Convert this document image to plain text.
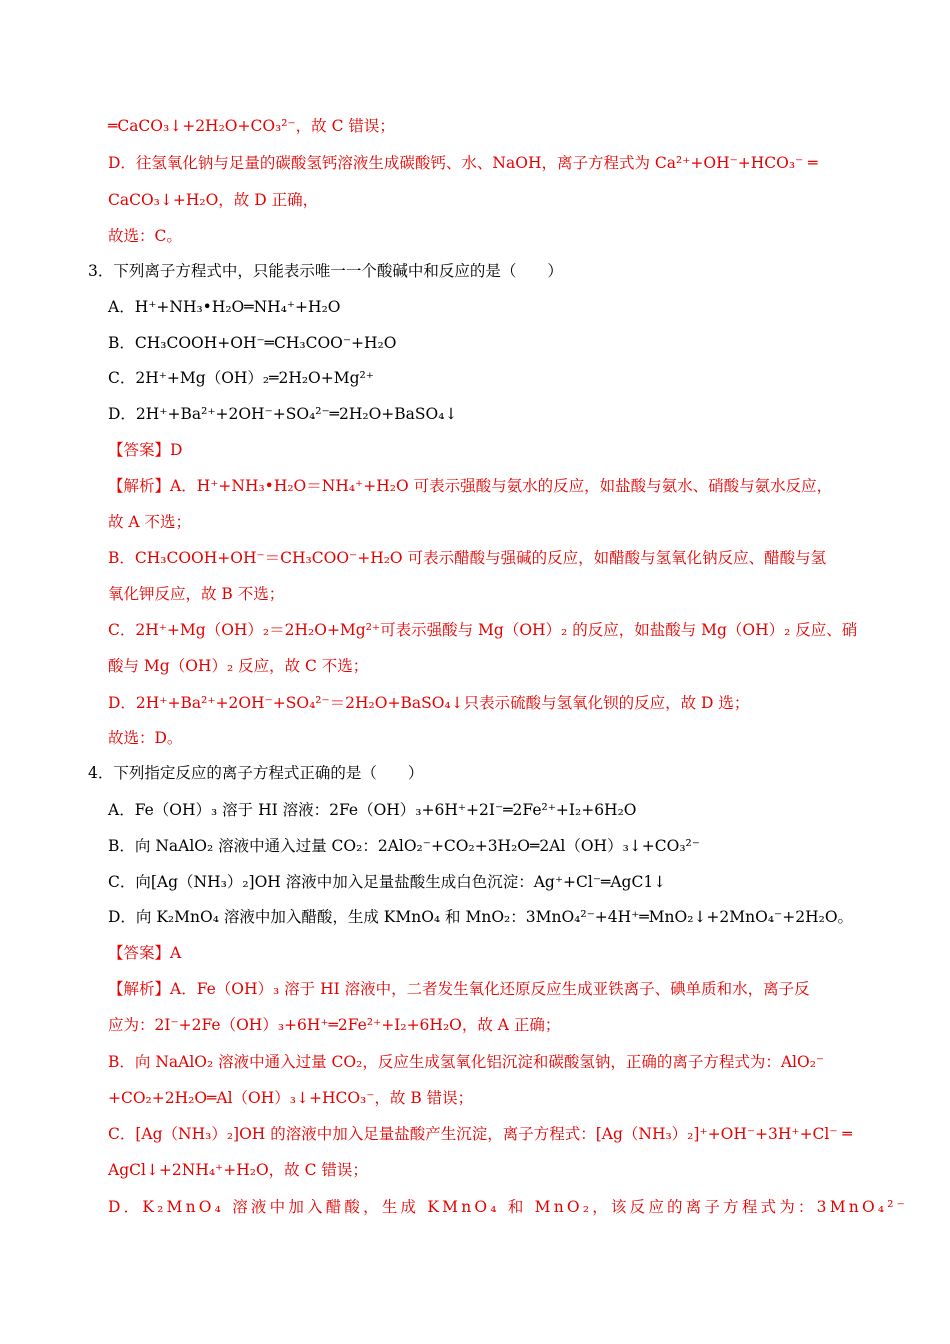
═CaCO₃↓+2H₂O+CO₃²⁻，故 C 错误；
D．往氢氧化钠与足量的碳酸氢钙溶液生成碳酸钙、水、NaOH，离子方程式为 Ca²⁺+OH⁻+HCO₃⁻ ═
CaCO₃↓+H₂O，故 D 正确，
故选：C。
3．下列离子方程式中，只能表示唯一一个酸碱中和反应的是（　　）
A．H⁺+NH₃•H₂O═NH₄⁺+H₂O
B．CH₃COOH+OH⁻═CH₃COO⁻+H₂O
C．2H⁺+Mg（OH）₂═2H₂O+Mg²⁺
D．2H⁺+Ba²⁺+2OH⁻+SO₄²⁻═2H₂O+BaSO₄↓
【答案】D
【解析】A．H⁺+NH₃•H₂O＝NH₄⁺+H₂O 可表示强酸与氨水的反应，如盐酸与氨水、硝酸与氨水反应，
故 A 不选；
B．CH₃COOH+OH⁻＝CH₃COO⁻+H₂O 可表示醋酸与强碱的反应，如醋酸与氢氧化钠反应、醋酸与氢
氧化钾反应，故 B 不选；
C．2H⁺+Mg（OH）₂＝2H₂O+Mg²⁺可表示强酸与 Mg（OH）₂ 的反应，如盐酸与 Mg（OH）₂ 反应、硝
酸与 Mg（OH）₂ 反应，故 C 不选；
D．2H⁺+Ba²⁺+2OH⁻+SO₄²⁻＝2H₂O+BaSO₄↓只表示硫酸与氢氧化钡的反应，故 D 选；
故选：D。
4．下列指定反应的离子方程式正确的是（　　）
A．Fe（OH）₃ 溶于 HI 溶液：2Fe（OH）₃+6H⁺+2I⁻═2Fe²⁺+I₂+6H₂O
B．向 NaAlO₂ 溶液中通入过量 CO₂：2AlO₂⁻+CO₂+3H₂O═2Al（OH）₃↓+CO₃²⁻
C．向[Ag（NH₃）₂]OH 溶液中加入足量盐酸生成白色沉淀：Ag⁺+Cl⁻═AgC1↓
D．向 K₂MnO₄ 溶液中加入醋酸，生成 KMnO₄ 和 MnO₂：3MnO₄²⁻+4H⁺═MnO₂↓+2MnO₄⁻+2H₂O。
【答案】A
【解析】A．Fe（OH）₃ 溶于 HI 溶液中，二者发生氧化还原反应生成亚铁离子、碘单质和水，离子反
应为：2I⁻+2Fe（OH）₃+6H⁺═2Fe²⁺+I₂+6H₂O，故 A 正确；
B．向 NaAlO₂ 溶液中通入过量 CO₂，反应生成氢氧化铝沉淀和碳酸氢钠，正确的离子方程式为：AlO₂⁻
+CO₂+2H₂O═Al（OH）₃↓+HCO₃⁻，故 B 错误；
C．[Ag（NH₃）₂]OH 的溶液中加入足量盐酸产生沉淀，离子方程式：[Ag（NH₃）₂]⁺+OH⁻+3H⁺+Cl⁻ ═
AgCl↓+2NH₄⁺+H₂O，故 C 错误；
D．K₂MnO₄ 溶液中加入醋酸，生成 KMnO₄ 和 MnO₂，该反应的离子方程式为：3MnO₄²⁻
